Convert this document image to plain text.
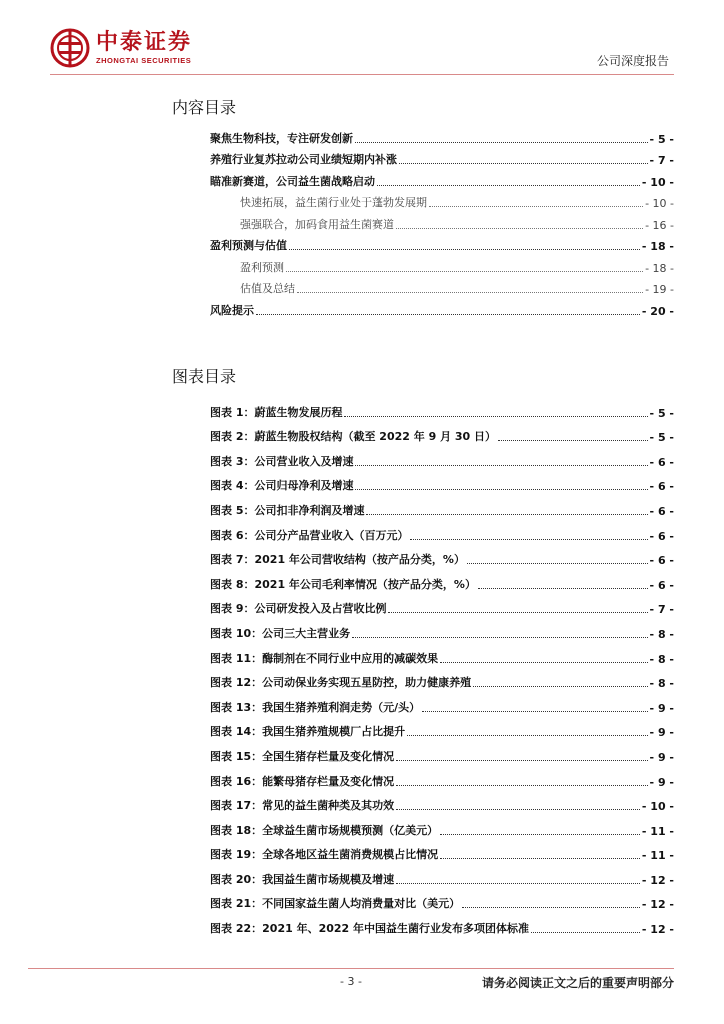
中泰证券
ZHONGTAI SECURITIES	公司深度报告
内容目录
聚焦生物科技，专注研发创新	- 5 -
养殖行业复苏拉动公司业绩短期内补涨	- 7 -
瞄准新赛道，公司益生菌战略启动	- 10 -
快速拓展，益生菌行业处于蓬勃发展期	- 10 -
强强联合，加码食用益生菌赛道	- 16 -
盈利预测与估值	- 18 -
盈利预测	- 18 -
估值及总结	- 19 -
风险提示	- 20 -
图表目录
图表 1：蔚蓝生物发展历程	- 5 -
图表 2：蔚蓝生物股权结构（截至 2022 年 9 月 30 日）	- 5 -
图表 3：公司营业收入及增速	- 6 -
图表 4：公司归母净利及增速	- 6 -
图表 5：公司扣非净利润及增速	- 6 -
图表 6：公司分产品营业收入（百万元）	- 6 -
图表 7：2021 年公司营收结构（按产品分类，%）	- 6 -
图表 8：2021 年公司毛利率情况（按产品分类，%）	- 6 -
图表 9：公司研发投入及占营收比例	- 7 -
图表 10：公司三大主营业务	- 8 -
图表 11：酶制剂在不同行业中应用的减碳效果	- 8 -
图表 12：公司动保业务实现五星防控，助力健康养殖	- 8 -
图表 13：我国生猪养殖利润走势（元/头）	- 9 -
图表 14：我国生猪养殖规模厂占比提升	- 9 -
图表 15：全国生猪存栏量及变化情况	- 9 -
图表 16：能繁母猪存栏量及变化情况	- 9 -
图表 17：常见的益生菌种类及其功效	- 10 -
图表 18：全球益生菌市场规模预测（亿美元）	- 11 -
图表 19：全球各地区益生菌消费规模占比情况	- 11 -
图表 20：我国益生菌市场规模及增速	- 12 -
图表 21：不同国家益生菌人均消费量对比（美元）	- 12 -
图表 22：2021 年、2022 年中国益生菌行业发布多项团体标准	- 12 -
- 3 -	请务必阅读正文之后的重要声明部分
